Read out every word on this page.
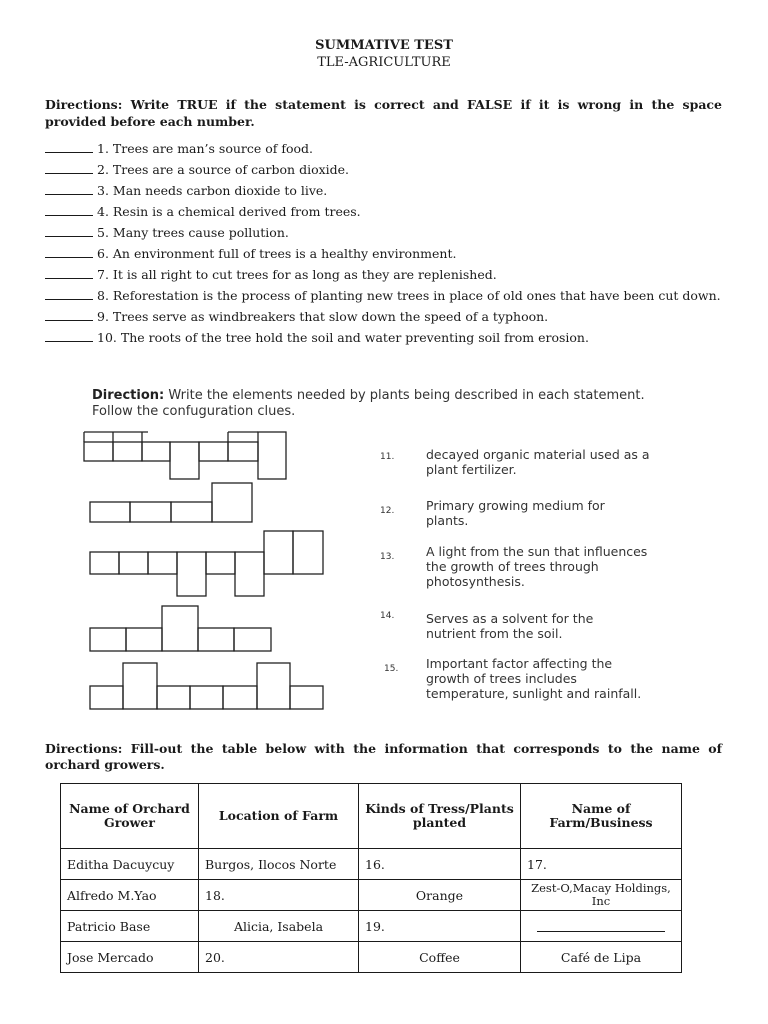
SUMMATIVE TEST
TLE-AGRICULTURE
Directions: Write TRUE if the statement is correct and FALSE if it is wrong in the space provided before each number.
1. Trees are man’s source of food.
2. Trees are a source of carbon dioxide.
3. Man needs carbon dioxide to live.
4. Resin is a chemical derived from trees.
5. Many trees cause pollution.
6. An environment full of trees is a healthy environment.
7. It is all right to cut trees for as long as they are replenished.
8. Reforestation is the process of planting new trees in place of old ones that have been cut down.
9. Trees serve as windbreakers that slow down the speed of a typhoon.
10. The roots of the tree hold the soil and water preventing soil from erosion.
Direction: Write the elements needed by plants being described in each statement. Follow the confuguration clues.
11.	decayed organic material used as a plant fertilizer.
12.	Primary growing medium for plants.
13.	A light from the sun that influences the growth of trees through photosynthesis.
14.	Serves as a solvent for the nutrient from the soil.
15. Important factor affecting the growth of trees includes temperature, sunlight and rainfall.
Directions: Fill-out the table below with the information that corresponds to the name of orchard growers.
Name of Orchard Grower	Location of Farm	Kinds of Tress/Plants planted	Name of Farm/Business
Editha Dacuycuy	Burgos, Ilocos Norte	16.	17.
Alfredo M.Yao	18.	Orange	Zest-O,Macay Holdings, Inc
Patricio Base	Alicia, Isabela	19.	
Jose Mercado	20.	Coffee	Café de Lipa
